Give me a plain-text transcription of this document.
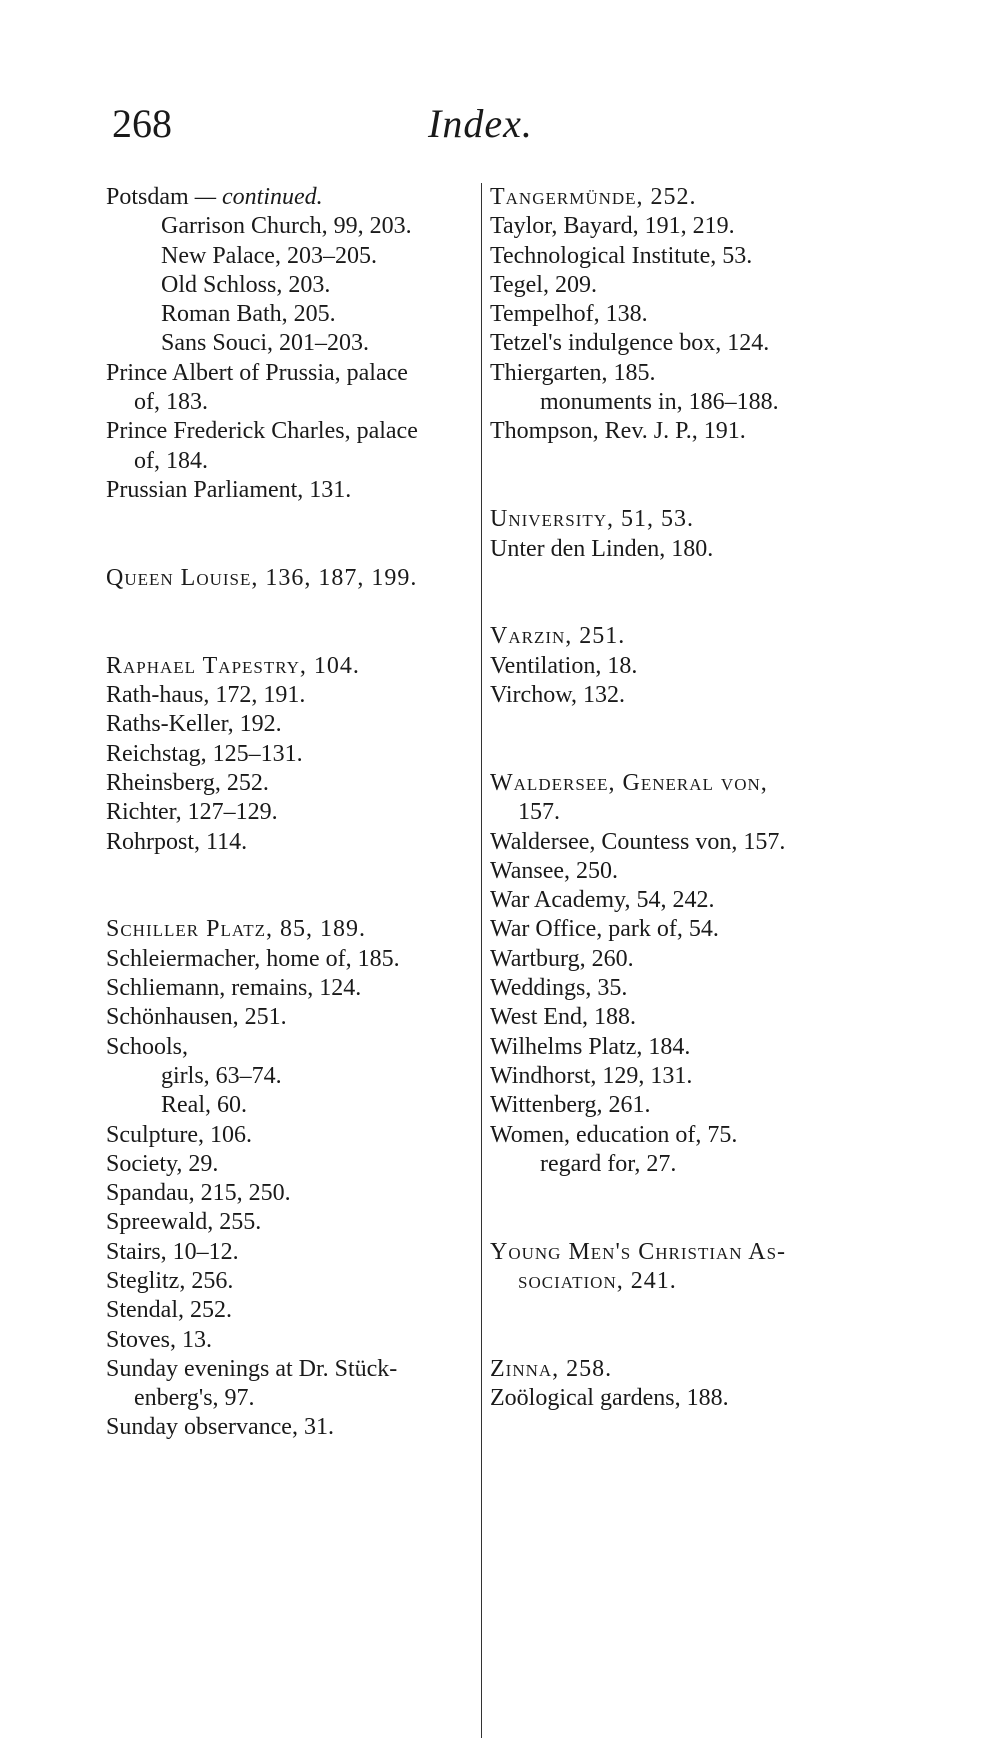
268	Index.
Potsdam — continued.
Garrison Church, 99, 203.
New Palace, 203–205.
Old Schloss, 203.
Roman Bath, 205.
Sans Souci, 201–203.
Prince Albert of Prussia, palace
of, 183.
Prince Frederick Charles, palace
of, 184.
Prussian Parliament, 131.
Queen Louise, 136, 187, 199.
Raphael Tapestry, 104.
Rath-haus, 172, 191.
Raths-Keller, 192.
Reichstag, 125–131.
Rheinsberg, 252.
Richter, 127–129.
Rohrpost, 114.
Schiller Platz, 85, 189.
Schleiermacher, home of, 185.
Schliemann, remains, 124.
Schönhausen, 251.
Schools,
girls, 63–74.
Real, 60.
Sculpture, 106.
Society, 29.
Spandau, 215, 250.
Spreewald, 255.
Stairs, 10–12.
Steglitz, 256.
Stendal, 252.
Stoves, 13.
Sunday evenings at Dr. Stück-
enberg's, 97.
Sunday observance, 31.
Tangermünde, 252.
Taylor, Bayard, 191, 219.
Technological Institute, 53.
Tegel, 209.
Tempelhof, 138.
Tetzel's indulgence box, 124.
Thiergarten, 185.
monuments in, 186–188.
Thompson, Rev. J. P., 191.
University, 51, 53.
Unter den Linden, 180.
Varzin, 251.
Ventilation, 18.
Virchow, 132.
Waldersee, General von,
157.
Waldersee, Countess von, 157.
Wansee, 250.
War Academy, 54, 242.
War Office, park of, 54.
Wartburg, 260.
Weddings, 35.
West End, 188.
Wilhelms Platz, 184.
Windhorst, 129, 131.
Wittenberg, 261.
Women, education of, 75.
regard for, 27.
Young Men's Christian As-
sociation, 241.
Zinna, 258.
Zoölogical gardens, 188.
